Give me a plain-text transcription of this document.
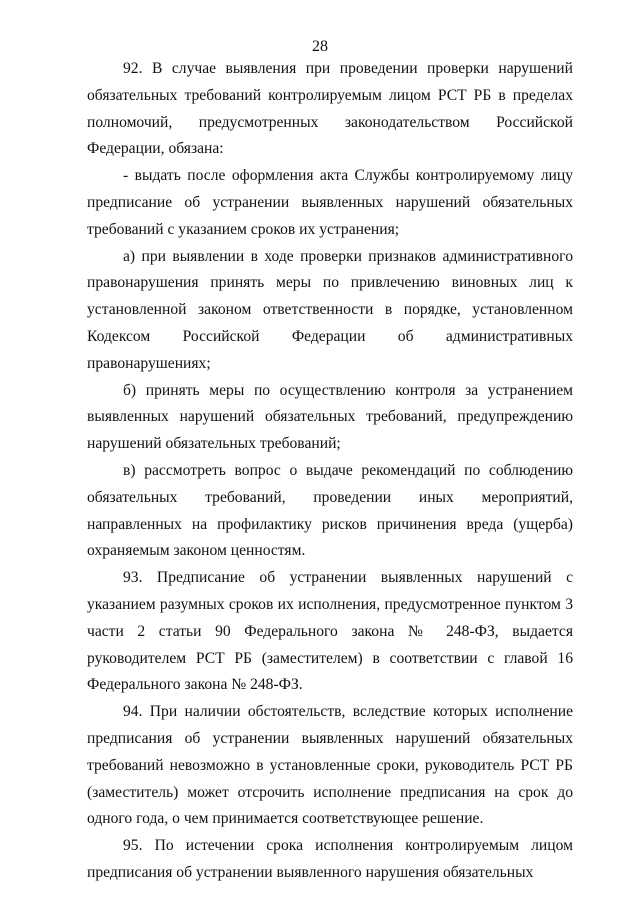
28

92. В случае выявления при проведении проверки нарушений обязательных требований контролируемым лицом РСТ РБ в пределах полномочий, предусмотренных законодательством Российской Федерации, обязана:

- выдать после оформления акта Службы контролируемому лицу предписание об устранении выявленных нарушений обязательных требований с указанием сроков их устранения;

а) при выявлении в ходе проверки признаков административного правонарушения принять меры по привлечению виновных лиц к установленной законом ответственности в порядке, установленном Кодексом Российской Федерации об административных правонарушениях;

б) принять меры по осуществлению контроля за устранением выявленных нарушений обязательных требований, предупреждению нарушений обязательных требований;

в) рассмотреть вопрос о выдаче рекомендаций по соблюдению обязательных требований, проведении иных мероприятий, направленных на профилактику рисков причинения вреда (ущерба) охраняемым законом ценностям.

93. Предписание об устранении выявленных нарушений с указанием разумных сроков их исполнения, предусмотренное пунктом 3 части 2 статьи 90 Федерального закона № 248-ФЗ, выдается руководителем РСТ РБ (заместителем) в соответствии с главой 16 Федерального закона № 248-ФЗ.

94. При наличии обстоятельств, вследствие которых исполнение предписания об устранении выявленных нарушений обязательных требований невозможно в установленные сроки, руководитель РСТ РБ (заместитель) может отсрочить исполнение предписания на срок до одного года, о чем принимается соответствующее решение.

95. По истечении срока исполнения контролируемым лицом предписания об устранении выявленного нарушения обязательных
